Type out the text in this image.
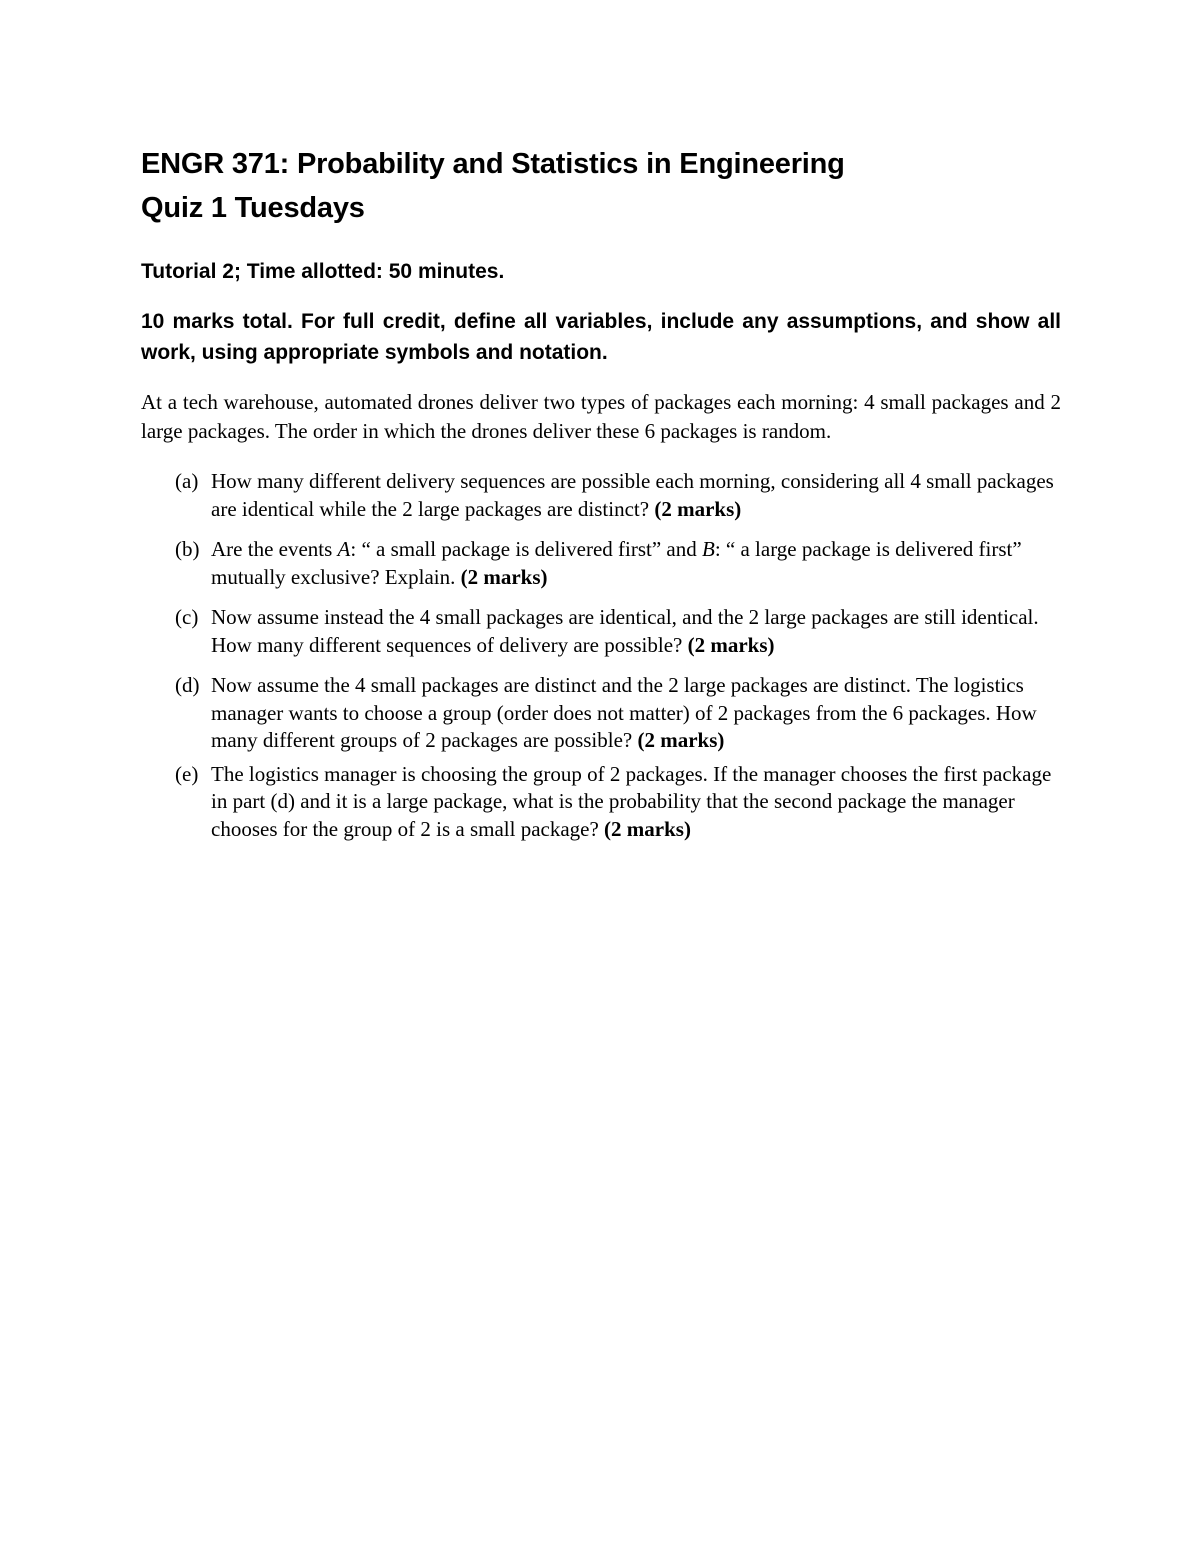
ENGR 371: Probability and Statistics in Engineering
Quiz 1 Tuesdays

Tutorial 2; Time allotted: 50 minutes.

10 marks total. For full credit, define all variables, include any assumptions, and show all work, using appropriate symbols and notation.

At a tech warehouse, automated drones deliver two types of packages each morning: 4 small packages and 2 large packages. The order in which the drones deliver these 6 packages is random.

(a) How many different delivery sequences are possible each morning, considering all 4 small packages are identical while the 2 large packages are distinct? (2 marks)
(b) Are the events A: “ a small package is delivered first” and B: “ a large package is delivered first” mutually exclusive? Explain. (2 marks)
(c) Now assume instead the 4 small packages are identical, and the 2 large packages are still identical. How many different sequences of delivery are possible? (2 marks)
(d) Now assume the 4 small packages are distinct and the 2 large packages are distinct. The logistics manager wants to choose a group (order does not matter) of 2 packages from the 6 packages. How many different groups of 2 packages are possible? (2 marks)
(e) The logistics manager is choosing the group of 2 packages. If the manager chooses the first package in part (d) and it is a large package, what is the probability that the second package the manager chooses for the group of 2 is a small package? (2 marks)
